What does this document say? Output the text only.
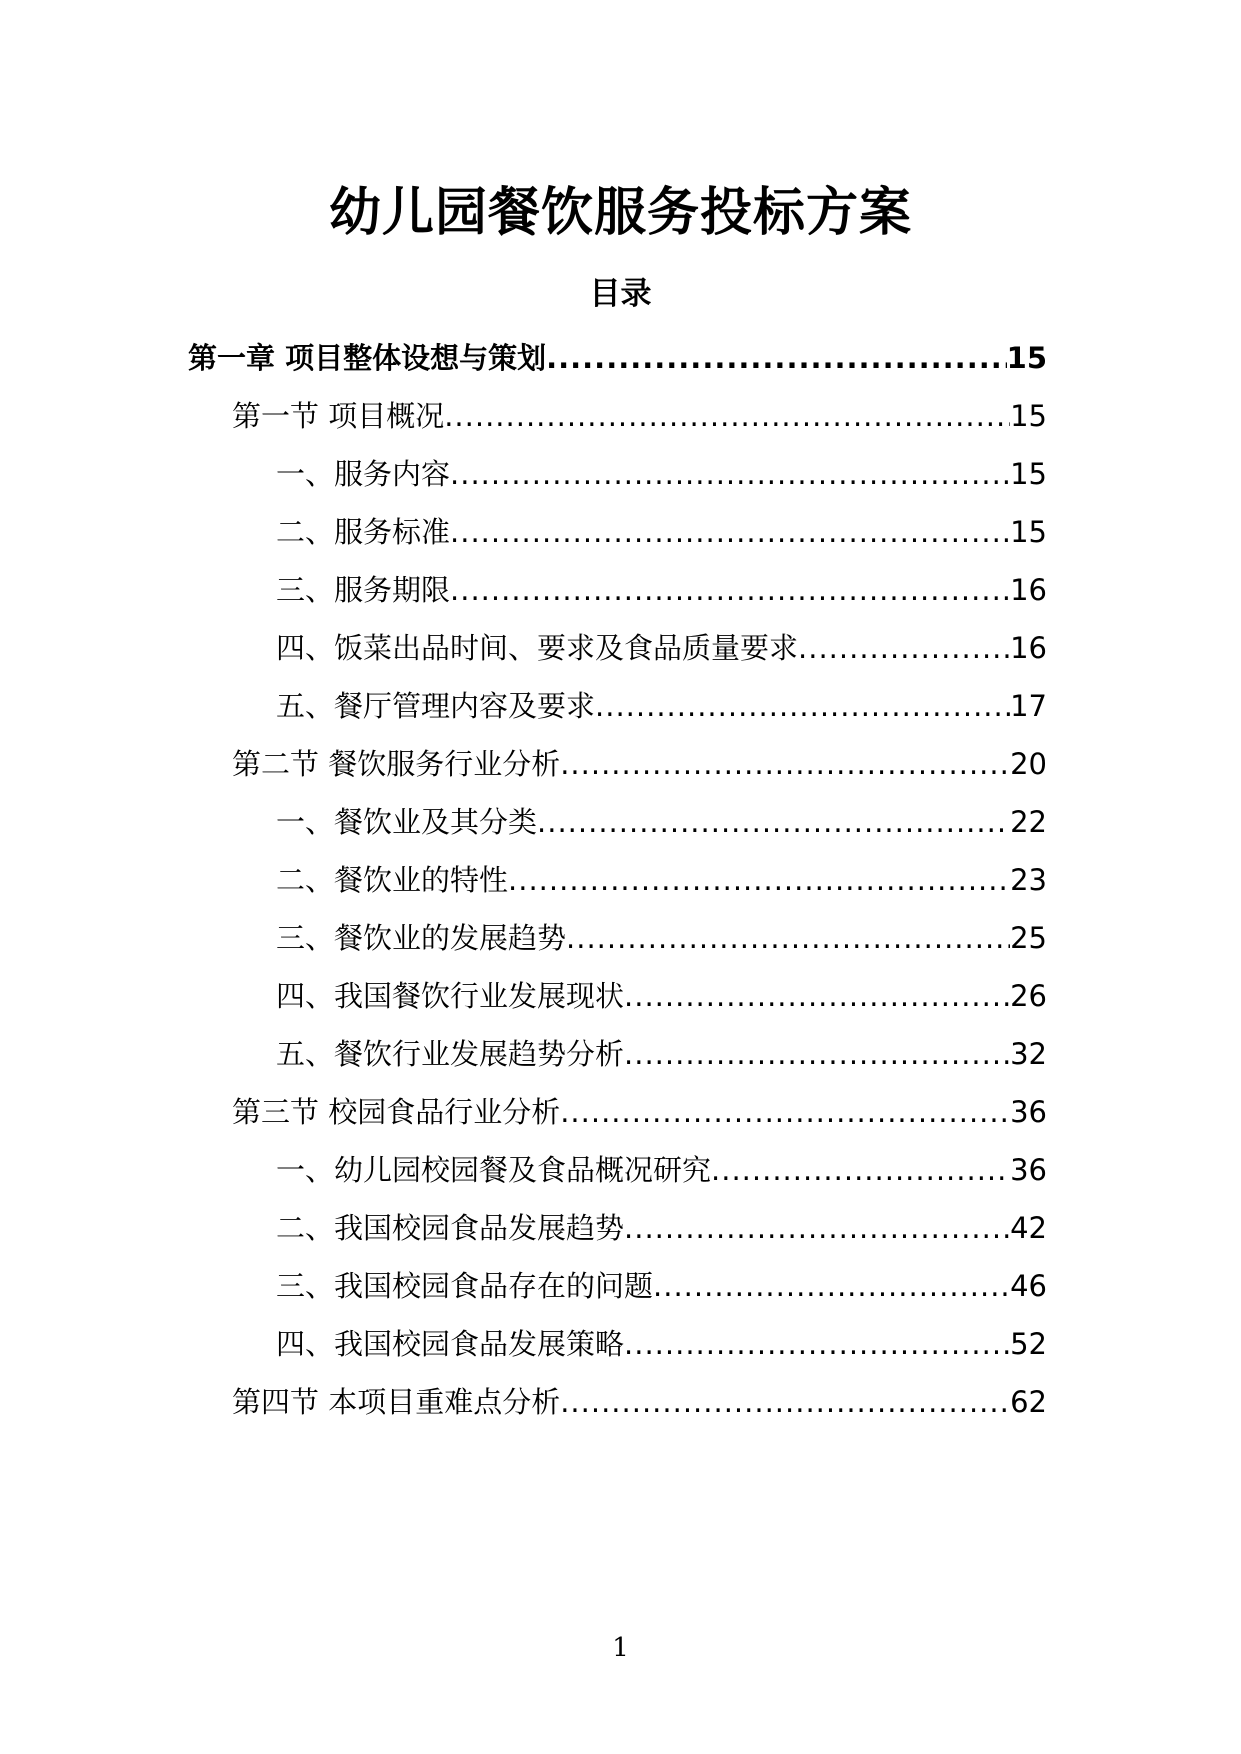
幼儿园餐饮服务投标方案
目录
第一章 项目整体设想与策划 .....	15
第一节 项目概况 .....	15
一、服务内容 .....	15
二、服务标准 .....	15
三、服务期限 .....	16
四、饭菜出品时间、要求及食品质量要求 .....	16
五、餐厅管理内容及要求 .....	17
第二节 餐饮服务行业分析 .....	20
一、餐饮业及其分类 .....	22
二、餐饮业的特性 .....	23
三、餐饮业的发展趋势 .....	25
四、我国餐饮行业发展现状 .....	26
五、餐饮行业发展趋势分析 .....	32
第三节 校园食品行业分析 .....	36
一、幼儿园校园餐及食品概况研究 .....	36
二、我国校园食品发展趋势 .....	42
三、我国校园食品存在的问题 .....	46
四、我国校园食品发展策略 .....	52
第四节 本项目重难点分析 .....	62
1
